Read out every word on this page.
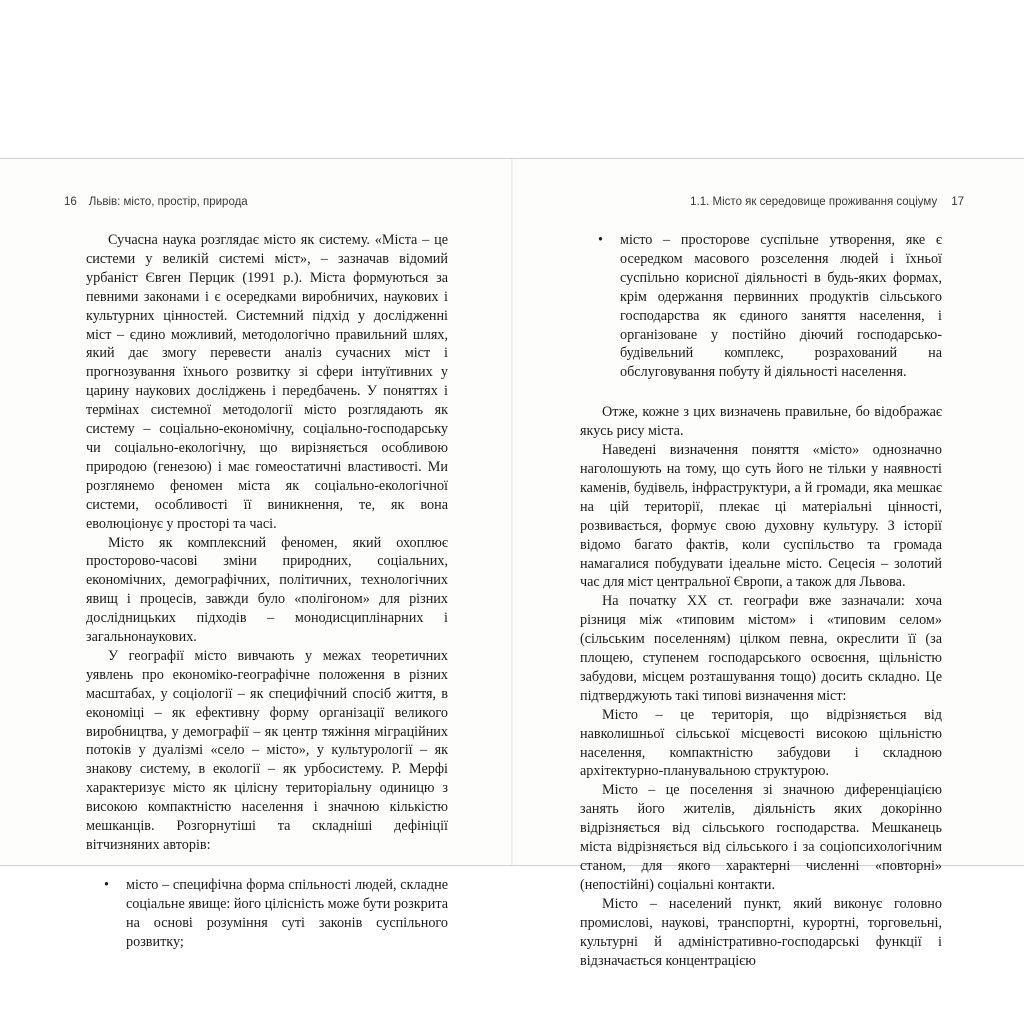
16 Львів: місто, простір, природа

Сучасна наука розглядає місто як систему. «Міста – це системи у великій системі міст», – зазначав відомий урбаніст Євген Перцик (1991 р.). Міста формуються за певними законами і є осередками виробничих, наукових і культурних цінностей. Системний підхід у дослідженні міст – єдино можливий, методологічно правильний шлях, який дає змогу перевести аналіз сучасних міст і прогнозування їхнього розвитку зі сфери інтуїтивних у царину наукових досліджень і передбачень. У поняттях і термінах системної методології місто розглядають як систему – соціально-економічну, соціально-господарську чи соціально-екологічну, що вирізняється особливою природою (генезою) і має гомеостатичні властивості. Ми розглянемо феномен міста як соціально-екологічної системи, особливості її виникнення, те, як вона еволюціонує у просторі та часі.

Місто як комплексний феномен, який охоплює просторово-часові зміни природних, соціальних, економічних, демографічних, політичних, технологічних явищ і процесів, завжди було «полігоном» для різних дослідницьких підходів – монодисциплінарних і загальнонаукових.

У географії місто вивчають у межах теоретичних уявлень про економіко-географічне положення в різних масштабах, у соціології – як специфічний спосіб життя, в економіці – як ефективну форму організації великого виробництва, у демографії – як центр тяжіння міграційних потоків у дуалізмі «село – місто», у культурології – як знакову систему, в екології – як урбосистему. Р. Мерфі характеризує місто як цілісну територіальну одиницю з високою компактністю населення і значною кількістю мешканців. Розгорнутіші та складніші дефініції вітчизняних авторів:

• місто – специфічна форма спільності людей, складне соціальне явище: його цілісність може бути розкрита на основі розуміння суті законів суспільного розвитку;
1.1. Місто як середовище проживання соціуму 17
• місто – просторове суспільне утворення, яке є осередком масового розселення людей і їхньої суспільно корисної діяльності в будь-яких формах, крім одержання первинних продуктів сільського господарства як єдиного заняття населення, і організоване у постійно діючий господарсько-будівельний комплекс, розрахований на обслуговування побуту й діяльності населення.

Отже, кожне з цих визначень правильне, бо відображає якусь рису міста.

Наведені визначення поняття «місто» однозначно наголошують на тому, що суть його не тільки у наявності каменів, будівель, інфраструктури, а й громади, яка мешкає на цій території, плекає ці матеріальні цінності, розвивається, формує свою духовну культуру. З історії відомо багато фактів, коли суспільство та громада намагалися побудувати ідеальне місто. Сецесія – золотий час для міст центральної Європи, а також для Львова.

На початку ХХ ст. географи вже зазначали: хоча різниця між «типовим містом» і «типовим селом» (сільським поселенням) цілком певна, окреслити її (за площею, ступенем господарського освоєння, щільністю забудови, місцем розташування тощо) досить складно. Це підтверджують такі типові визначення міст:

Місто – це територія, що відрізняється від навколишньої сільської місцевості високою щільністю населення, компактністю забудови і складною архітектурно-планувальною структурою.

Місто – це поселення зі значною диференціацією занять його жителів, діяльність яких докорінно відрізняється від сільського господарства. Мешканець міста відрізняється від сільського і за соціопсихологічним станом, для якого характерні численні «повторні» (непостійні) соціальні контакти.

Місто – населений пункт, який виконує головно промислові, наукові, транспортні, курортні, торговельні, культурні й адміністративно-господарські функції і відзначається концентрацією
